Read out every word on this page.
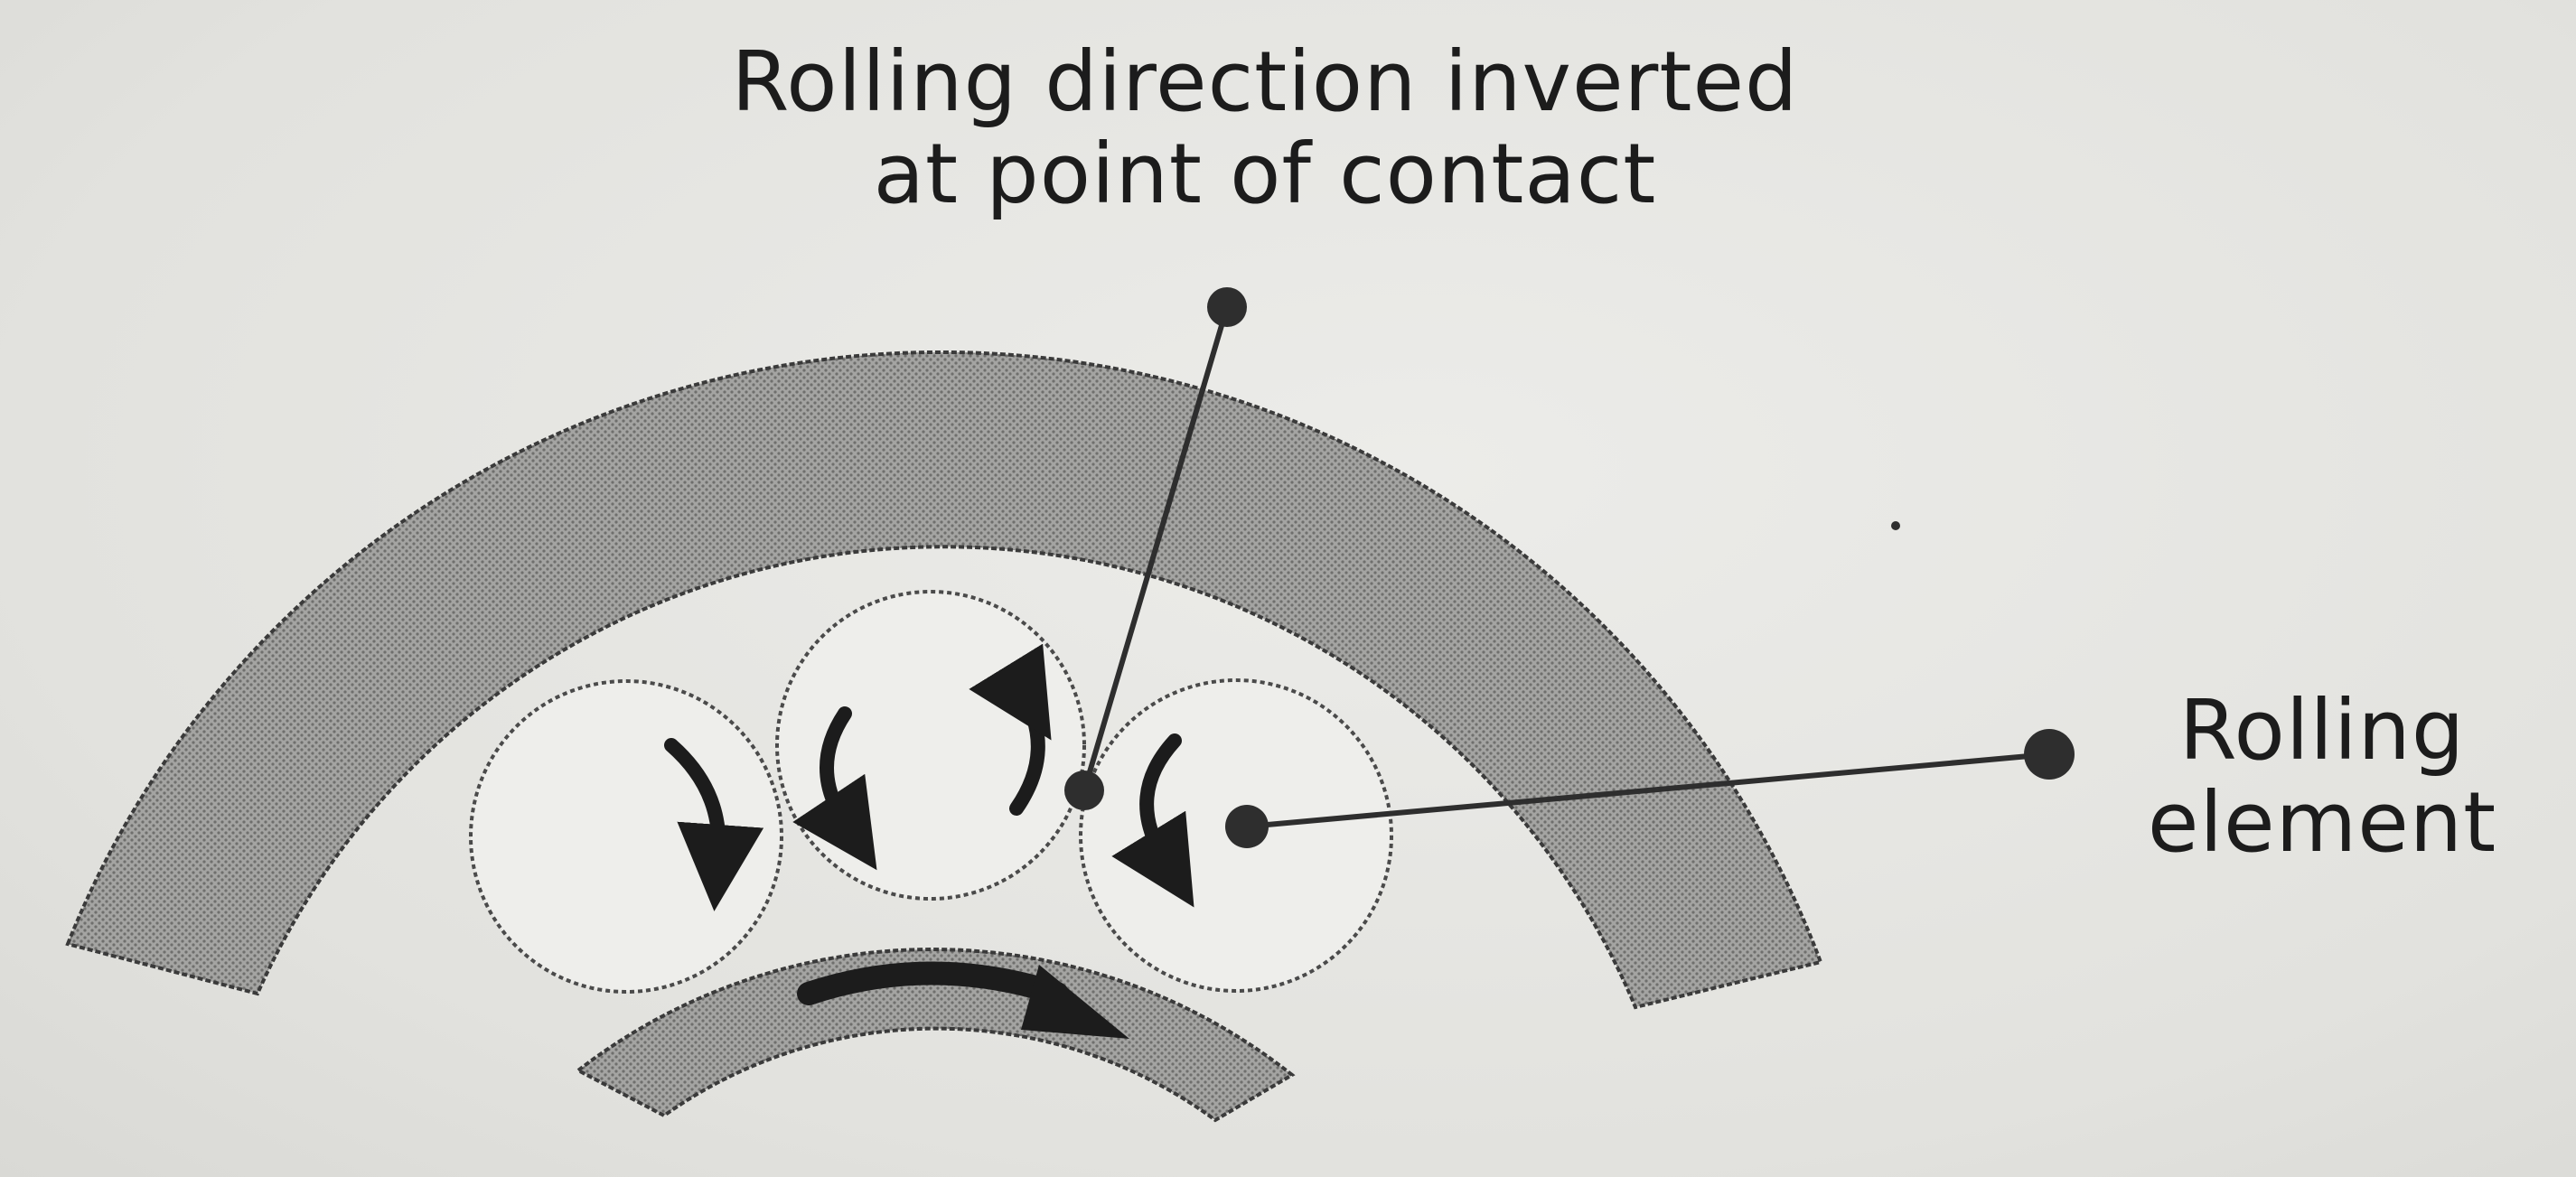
Rolling direction inverted
at point of contact
Rolling
element
